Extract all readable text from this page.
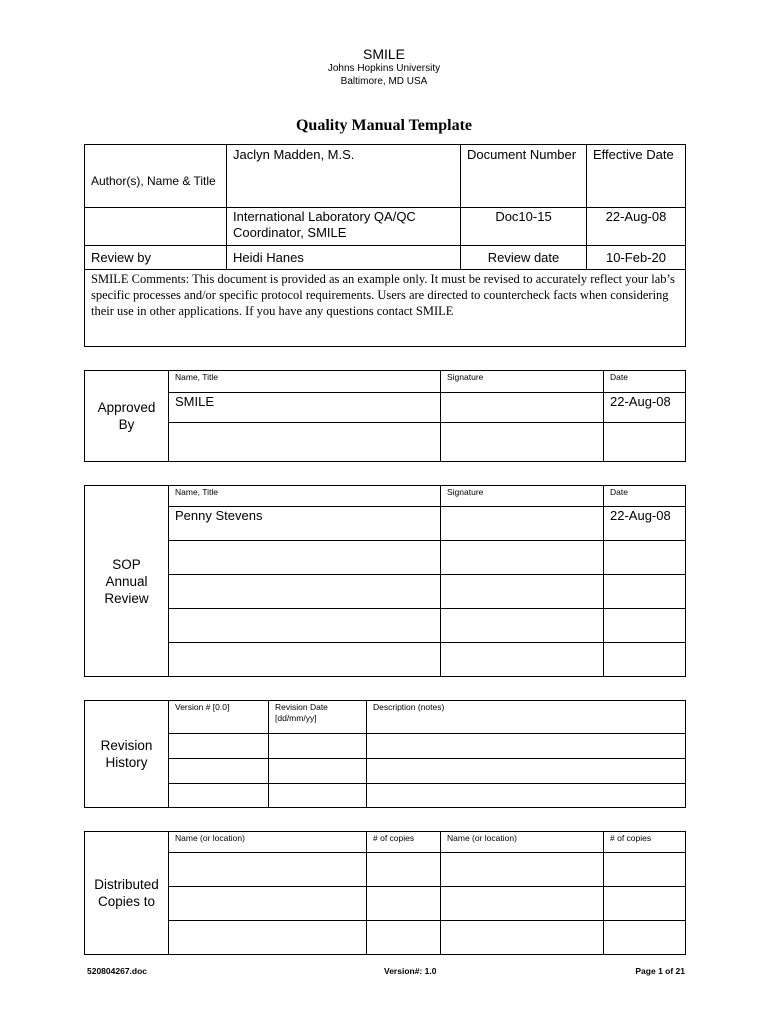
SMILE
Johns Hopkins University
Baltimore, MD USA
Quality Manual Template
Author(s), Name & Title	Jaclyn Madden, M.S.	Document Number	Effective Date
	International Laboratory QA/QC Coordinator, SMILE	Doc10-15	22-Aug-08
Review by	Heidi Hanes	Review date	10-Feb-20
SMILE Comments: This document is provided as an example only. It must be revised to accurately reflect your lab’s specific processes and/or specific protocol requirements. Users are directed to countercheck facts when considering their use in other applications. If you have any questions contact SMILE			
Approved By	Name, Title	Signature	Date
	SMILE		22-Aug-08

SOP Annual Review	Name, Title	Signature	Date
	Penny Stevens		22-Aug-08

Revision History	Version # [0.0]	Revision Date [dd/mm/yy]	Description (notes)

Distributed Copies to	Name (or location)	# of copies	Name (or location)	# of copies

520804267.doc	Version#: 1.0	Page 1 of 21
